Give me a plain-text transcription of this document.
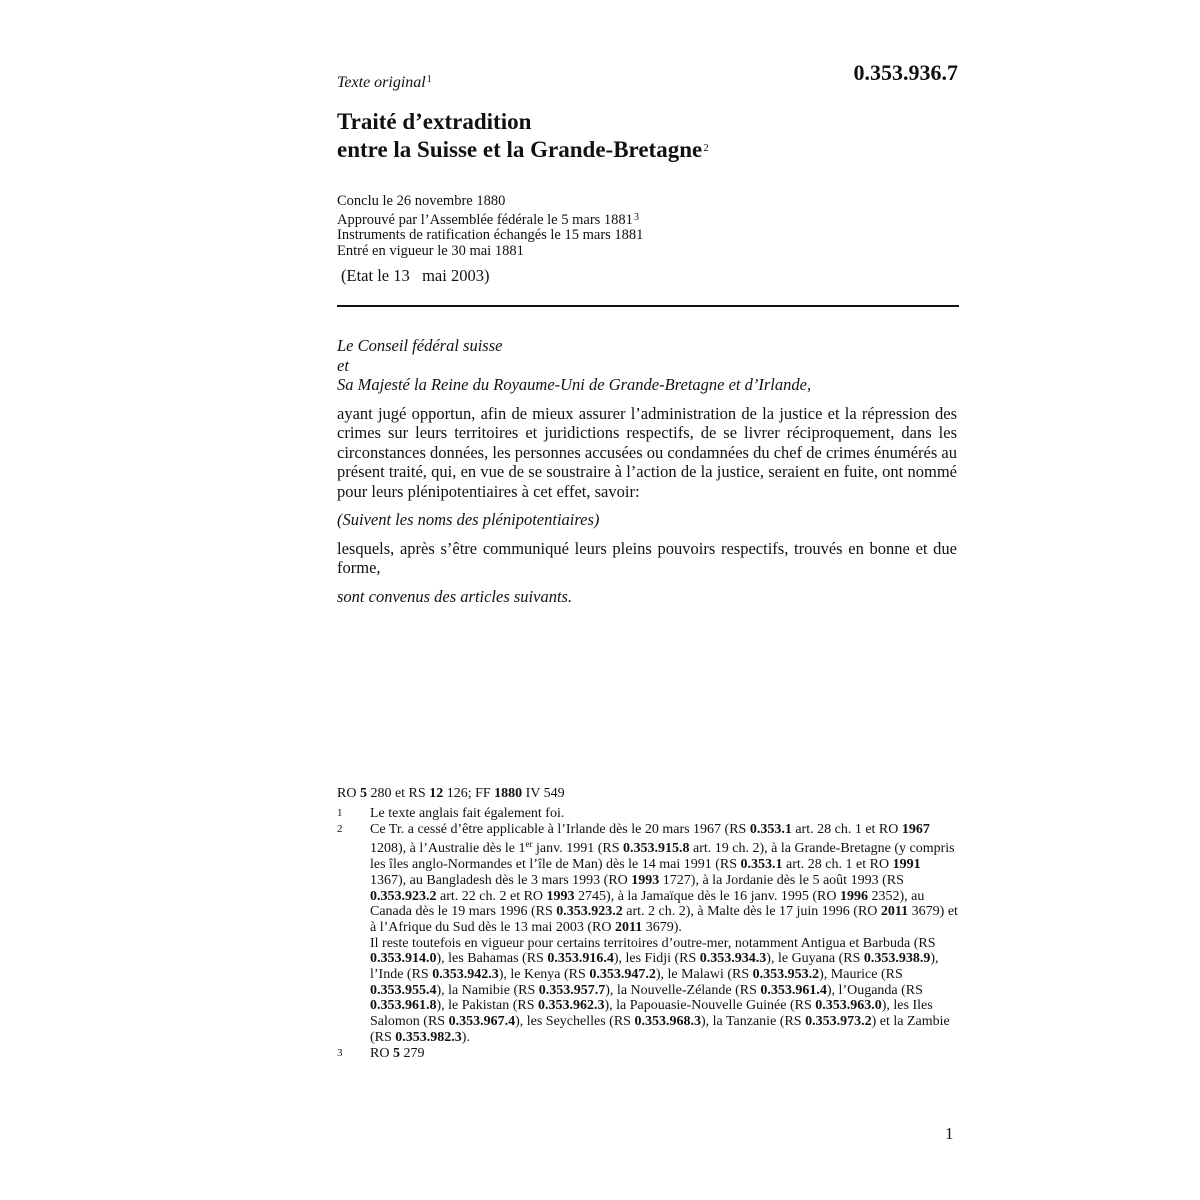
Texte original$^1$	0.353.936.7
Traité d’extradition
entre la Suisse et la Grande-Bretagne$^2$
Conclu le 26 novembre 1880
Approuvé par l’Assemblée fédérale le 5 mars 1881$^3$
Instruments de ratification échangés le 15 mars 1881
Entré en vigueur le 30 mai 1881
(Etat le 13   mai 2003)
Le Conseil fédéral suisse
et

Sa Majesté la Reine du Royaume-Uni de Grande-Bretagne et d’Irlande,

ayant jugé opportun, afin de mieux assurer l’administration de la justice et la répression des crimes sur leurs territoires et juridictions respectifs, de se livrer réciproquement, dans les circonstances données, les personnes accusées ou condamnées du chef de crimes énumérés au présent traité, qui, en vue de se soustraire à l’action de la justice, seraient en fuite, ont nommé pour leurs plénipotentiaires à cet effet, savoir:

(Suivent les noms des plénipotentiaires)

lesquels, après s’être communiqué leurs pleins pouvoirs respectifs, trouvés en bonne et due forme,

sont convenus des articles suivants.

RO 5 280 et RS 12 126; FF 1880 IV 549
1	Le texte anglais fait également foi.
2	Ce Tr. a cessé d’être applicable à l’Irlande dès le 20 mars 1967 (RS 0.353.1 art. 28 ch. 1 et RO 1967 1208), à l’Australie dès le 1er janv. 1991 (RS 0.353.915.8 art. 19 ch. 2), à la Grande-Bretagne (y compris les îles anglo-Normandes et l’île de Man) dès le 14 mai 1991 (RS 0.353.1 art. 28 ch. 1 et RO 1991 1367), au Bangladesh dès le 3 mars 1993 (RO 1993 1727), à la Jordanie dès le 5 août 1993 (RS 0.353.923.2 art. 22 ch. 2 et RO 1993 2745), à la Jamaïque dès le 16 janv. 1995 (RO 1996 2352), au Canada dès le 19 mars 1996 (RS 0.353.923.2 art. 2 ch. 2), à Malte dès le 17 juin 1996 (RO 2011 3679) et à l’Afrique du Sud dès le 13 mai 2003 (RO 2011 3679).
Il reste toutefois en vigueur pour certains territoires d’outre-mer, notamment Antigua et Barbuda (RS 0.353.914.0), les Bahamas (RS 0.353.916.4), les Fidji (RS 0.353.934.3), le Guyana (RS 0.353.938.9), l’Inde (RS 0.353.942.3), le Kenya (RS 0.353.947.2), le Malawi (RS 0.353.953.2), Maurice (RS 0.353.955.4), la Namibie (RS 0.353.957.7), la Nouvelle-Zélande (RS 0.353.961.4), l’Ouganda (RS 0.353.961.8), le Pakistan (RS 0.353.962.3), la Papouasie-Nouvelle Guinée (RS 0.353.963.0), les Iles Salomon (RS 0.353.967.4), les Seychelles (RS 0.353.968.3), la Tanzanie (RS 0.353.973.2) et la Zambie (RS 0.353.982.3).
3	RO 5 279
1
